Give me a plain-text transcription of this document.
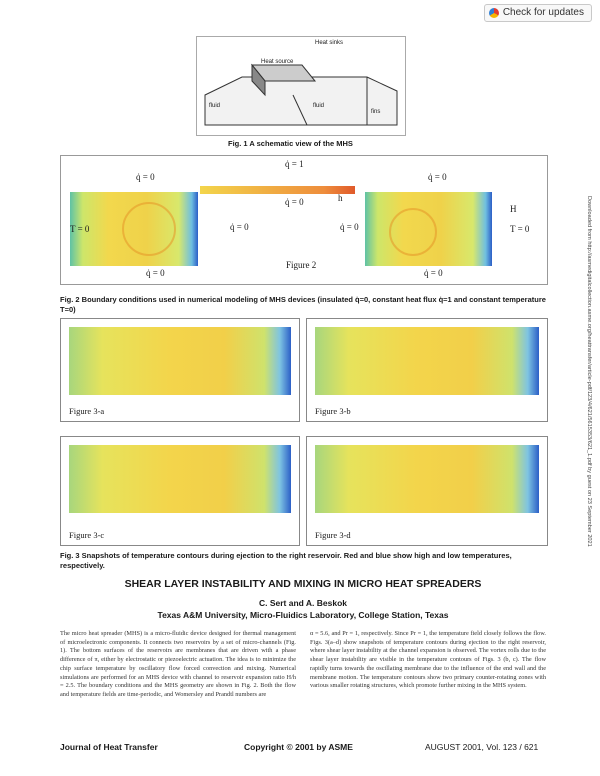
Check for updates
Heat sinks
Heat source
fluid	fluid
fins
Fig. 1 A schematic view of the MHS
q̇ = 0
q̇ = 1
q̇ = 0
q̇ = 0	h
H
T = 0	q̇ = 0	q̇ = 0	T = 0
Figure 2
q̇ = 0	q̇ = 0
Fig. 2 Boundary conditions used in numerical modeling of MHS devices (insulated q̇=0, constant heat flux q̇=1 and constant temperature T=0)
Figure 3-a	Figure 3-b
Figure 3-c	Figure 3-d
Fig. 3 Snapshots of temperature contours during ejection to the right reservoir. Red and blue show high and low temperatures, respectively.
SHEAR LAYER INSTABILITY AND MIXING IN MICRO HEAT SPREADERS
C. Sert and A. Beskok
Texas A&M University, Micro-Fluidics Laboratory, College Station, Texas
The micro heat spreader (MHS) is a micro-fluidic device designed for thermal management of microelectronic components. It connects two reservoirs by a set of micro-channels (Fig. 1). The bottom surfaces of the reservoirs are membranes that are driven with a phase difference of π, either by electrostatic or piezoelectric actuation. The idea is to minimize the chip surface temperature by oscillatory flow forced convection and mixing. Numerical simulations are performed for an MHS device with channel to reservoir expansion ratio H/h = 2.5. The boundary conditions and the MHS geometry are shown in Fig. 2. Both the flow and temperature fields are time-periodic, and Womersley and Prandtl numbers are
α = 5.6, and Pr = 1, respectively. Since Pr = 1, the temperature field closely follows the flow. Figs. 3(a–d) show snapshots of temperature contours during ejection to the right reservoir, where shear layer instability at the channel expansion is observed. The vortex rolls due to the shear layer instability are visible in the temperature contours of Figs. 3 (b, c). The flow rapidly turns towards the oscillating membrane due to the influence of the end wall and the membrane motion. The temperature contours show two primary counter-rotating zones with various smaller rotating structures, which promote further mixing in the MHS system.
Journal of Heat Transfer	Copyright © 2001 by ASME	AUGUST 2001, Vol. 123 / 621
Downloaded from http://asmedigitalcollection.asme.org/heattransfer/article-pdf/123/4/621/5615353/621_1.pdf by guest on 23 September 2021
